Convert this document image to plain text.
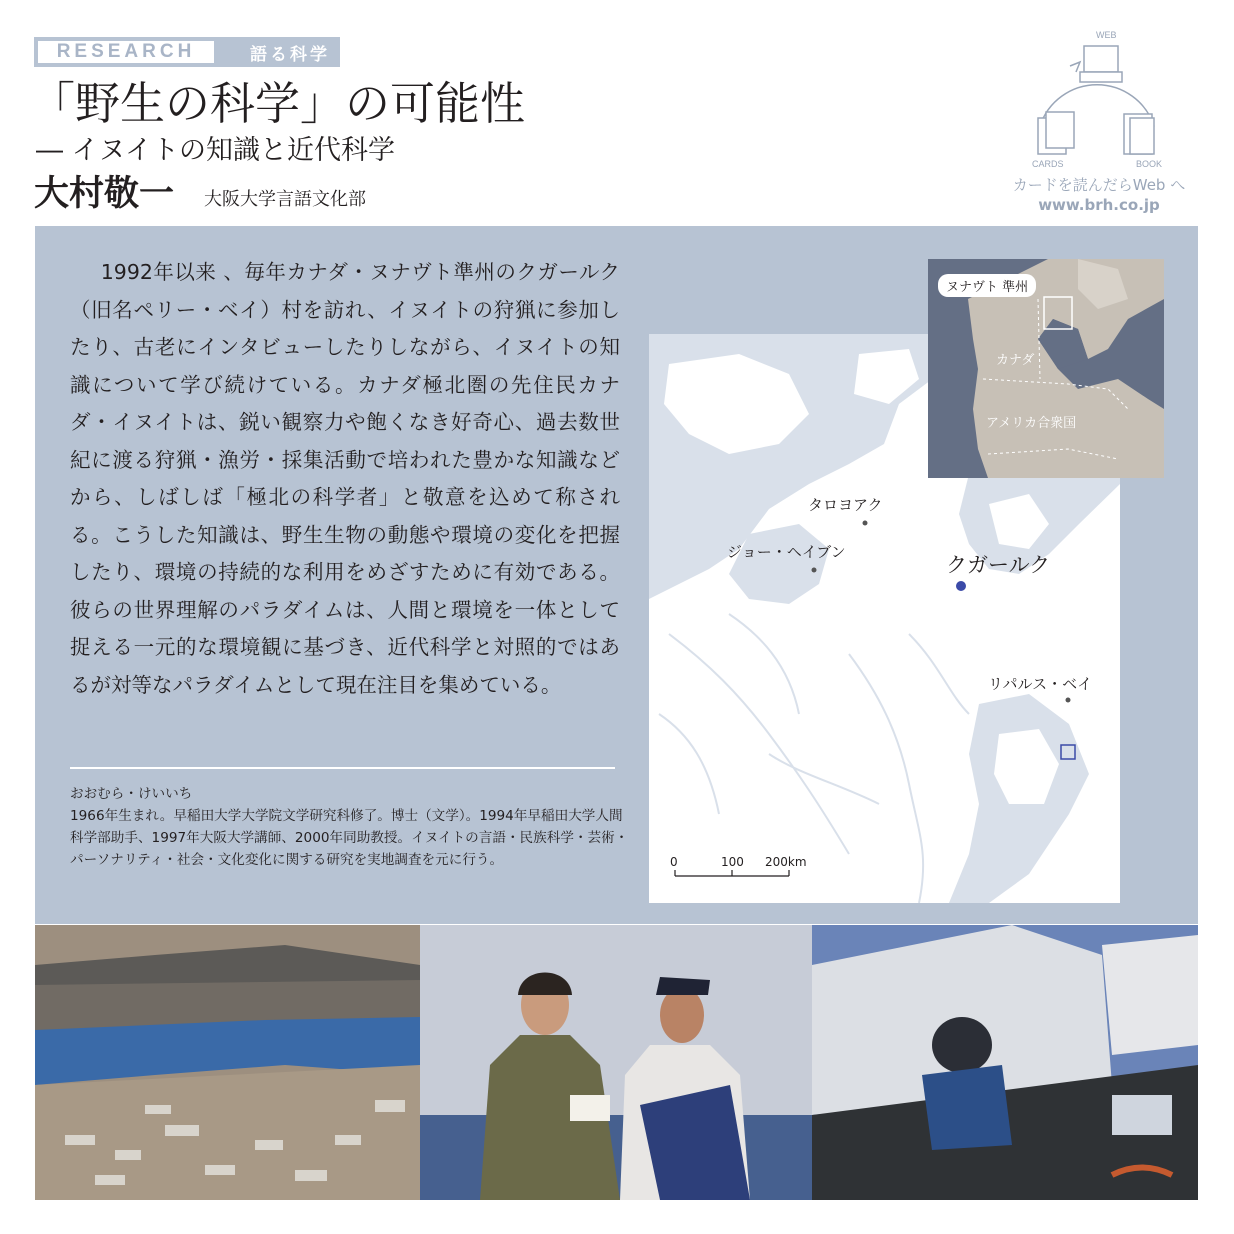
RESEARCH	語る科学
「野生の科学」の可能性
― イヌイトの知識と近代科学
大村敬一 大阪大学言語文化部
WEB
CARDS	BOOK
カードを読んだらWeb へ
www.brh.co.jp

1992年以来 、毎年カナダ・ヌナヴト準州のクガールク（旧名ペリー・ベイ）村を訪れ、イヌイトの狩猟に参加したり、古老にインタビューしたりしながら、イヌイトの知識について学び続けている。カナダ極北圏の先住民カナダ・イヌイトは、鋭い観察力や飽くなき好奇心、過去数世紀に渡る狩猟・漁労・採集活動で培われた豊かな知識などから、しばしば「極北の科学者」と敬意を込めて称される。こうした知識は、野生生物の動態や環境の変化を把握したり、環境の持続的な利用をめざすために有効である。彼らの世界理解のパラダイムは、人間と環境を一体として捉える一元的な環境観に基づき、近代科学と対照的ではあるが対等なパラダイムとして現在注目を集めている。

おおむら・けいいち
1966年生まれ。早稲田大学大学院文学研究科修了。博士（文学）。1994年早稲田大学人間科学部助手、1997年大阪大学講師、2000年同助教授。イヌイトの言語・民族科学・芸術・パーソナリティ・社会・文化変化に関する研究を実地調査を元に行う。
タロヨアク
ジョー・ヘイブン
クガールク
リパルス・ベイ
0	100 200km
ヌナヴト 準州
カナダ
アメリカ合衆国
